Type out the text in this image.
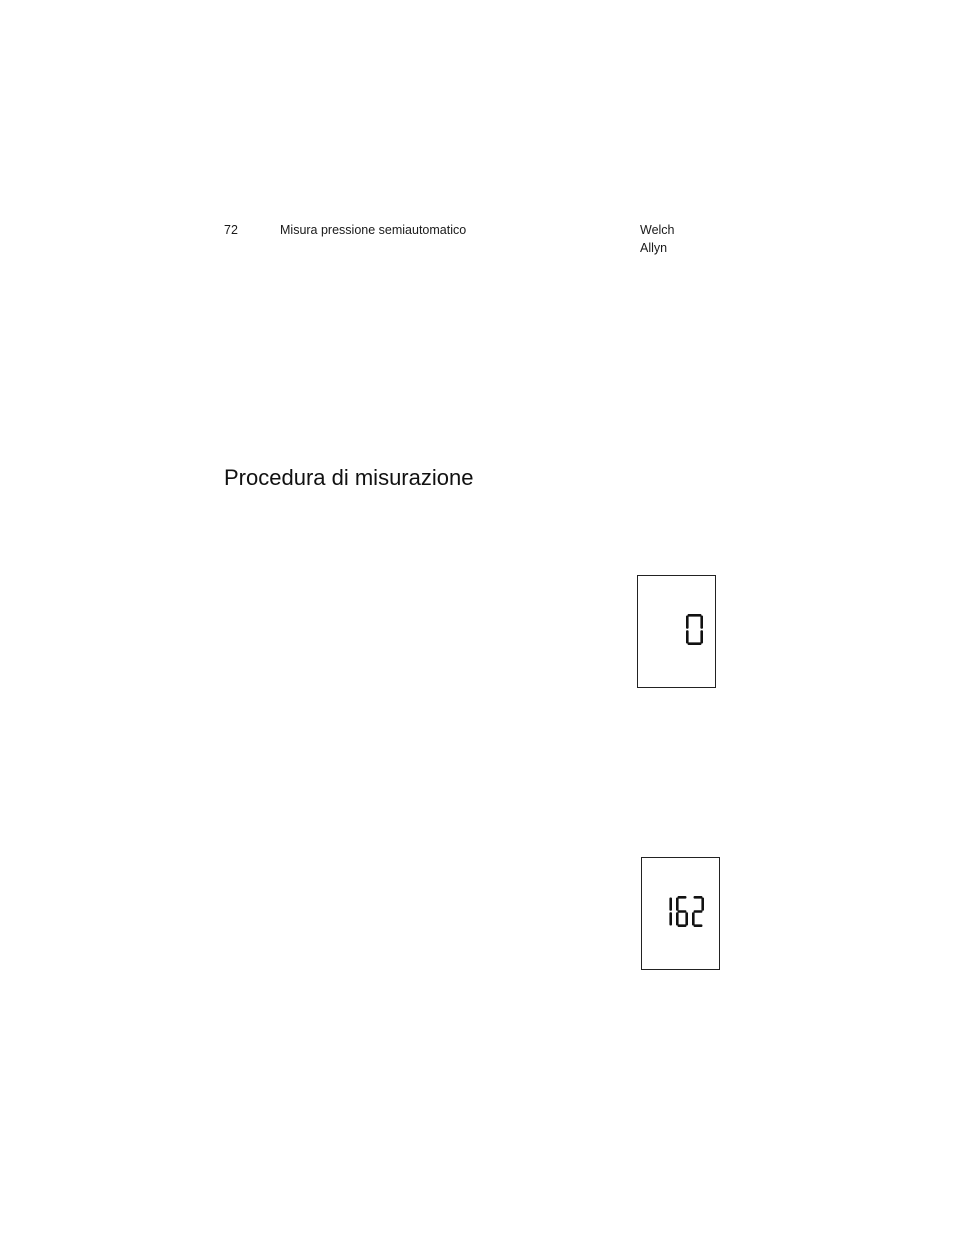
72	Misura pressione semiautomatico	Welch Allyn
Procedura di misurazione
